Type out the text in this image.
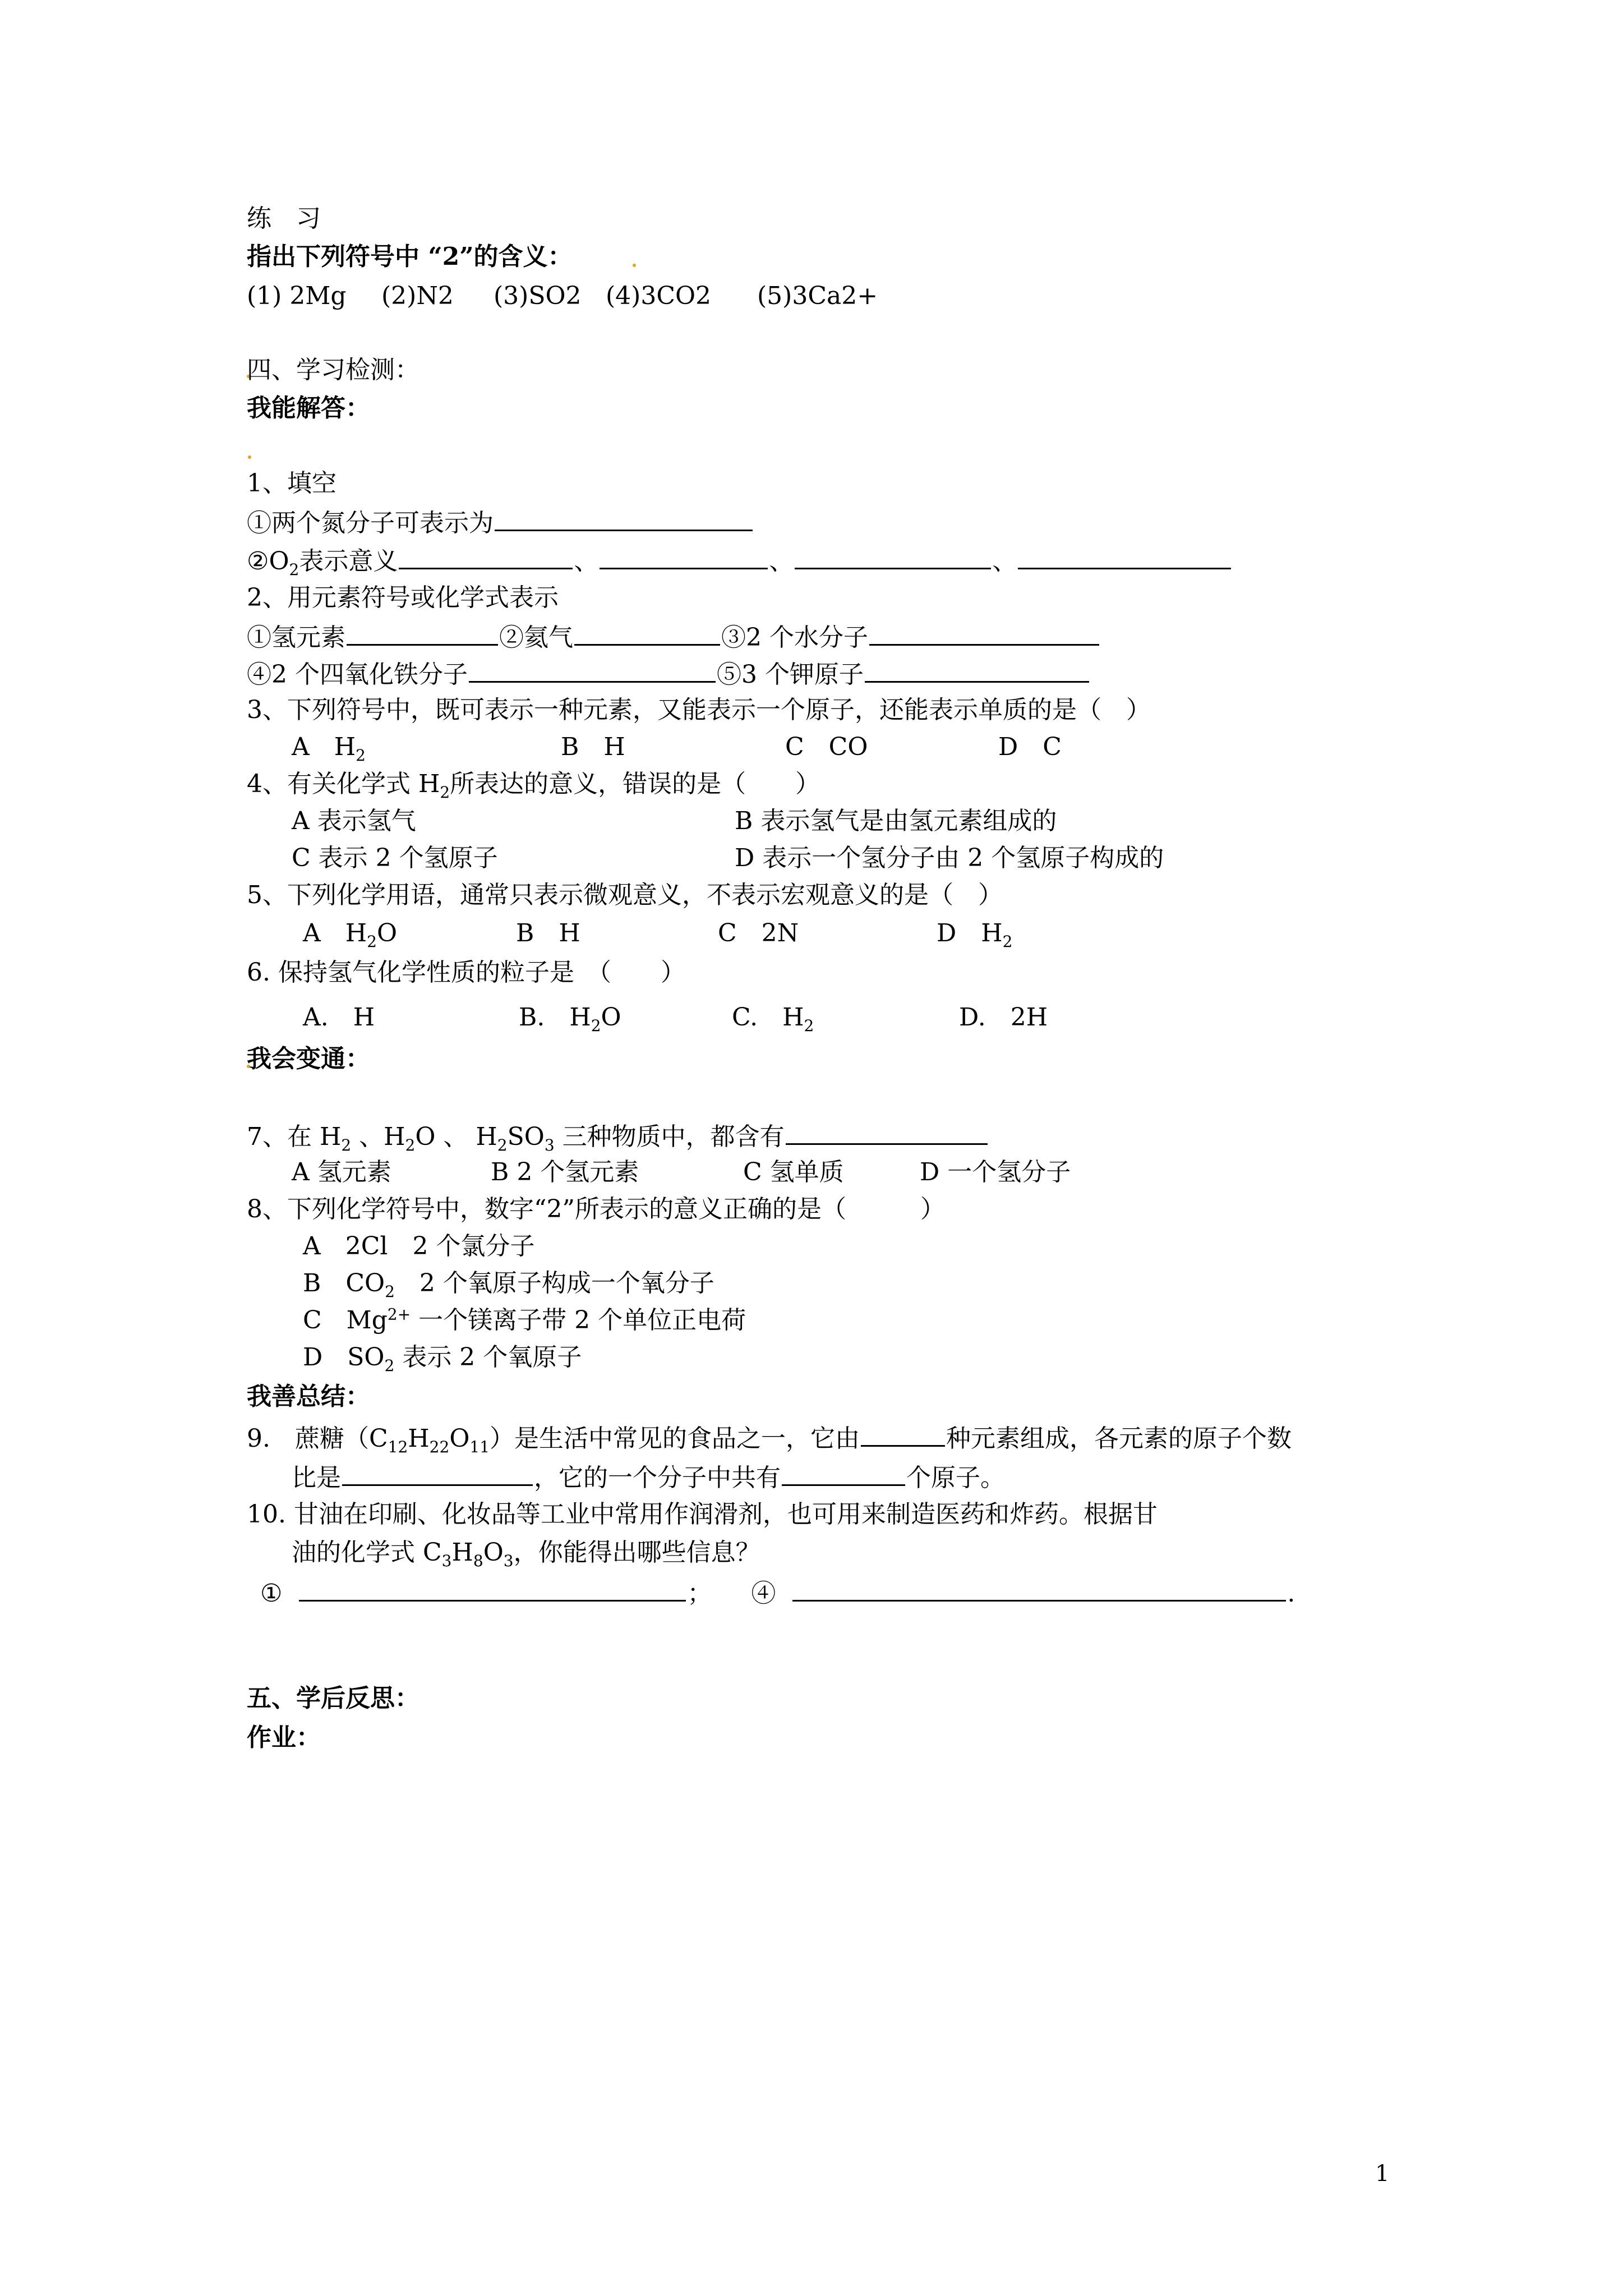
练　习
指出下列符号中 “2”的含义：
(1) 2Mg (2)N2 (3)SO2 (4)3CO2 (5)3Ca2+
四、学习检测：
我能解答：
1、填空
①两个氮分子可表示为
$②O_2$表示意义	、	、	、
2、用元素符号或化学式表示
①氢元素	②氦气	③2 个水分子
④2 个四氧化铁分子	⑤3 个钾原子
3、下列符号中，既可表示一种元素，又能表示一个原子，还能表示单质的是（　）
A　$H_2$	B　H	C　CO	D　C
4、有关化学式 $H_2$所表达的意义，错误的是（　　）
A 表示氢气	B 表示氢气是由氢元素组成的
C 表示 2 个氢原子	D 表示一个氢分子由 2 个氢原子构成的
5、下列化学用语，通常只表示微观意义，不表示宏观意义的是（　）
A　$H_2O$	B　H	C　2N	D　$H_2$
6. 保持氢气化学性质的粒子是　（　　）
A.　H	B.　$H_2O$	C.　$H_2$	D.　2H
我会变通：
7、在 $H_2$ 、$H_2O$ 、 $H_2SO_3$ 三种物质中，都含有
A 氢元素	B 2 个氢元素	C 氢单质	D 一个氢分子
8、下列化学符号中，数字“2”所表示的意义正确的是（　　　）
A　2Cl　2 个氯分子
B　$CO_2$　2 个氧原子构成一个氧分子
C　$Mg^{2+}$ 一个镁离子带 2 个单位正电荷
D　$SO_2$ 表示 2 个氧原子
我善总结：
9.　蔗糖$(C_{12}H_{22}O_{11})$是生活中常见的食品之一，它由	种元素组成，各元素的原子个数
比是	，它的一个分子中共有	个原子。
10. 甘油在印刷、化妆品等工业中常用作润滑剂，也可用来制造医药和炸药。根据甘
油的化学式 $C_3H_8O_3$，你能得出哪些信息？
①	； ④	.
五、学后反思：
作业：
1
